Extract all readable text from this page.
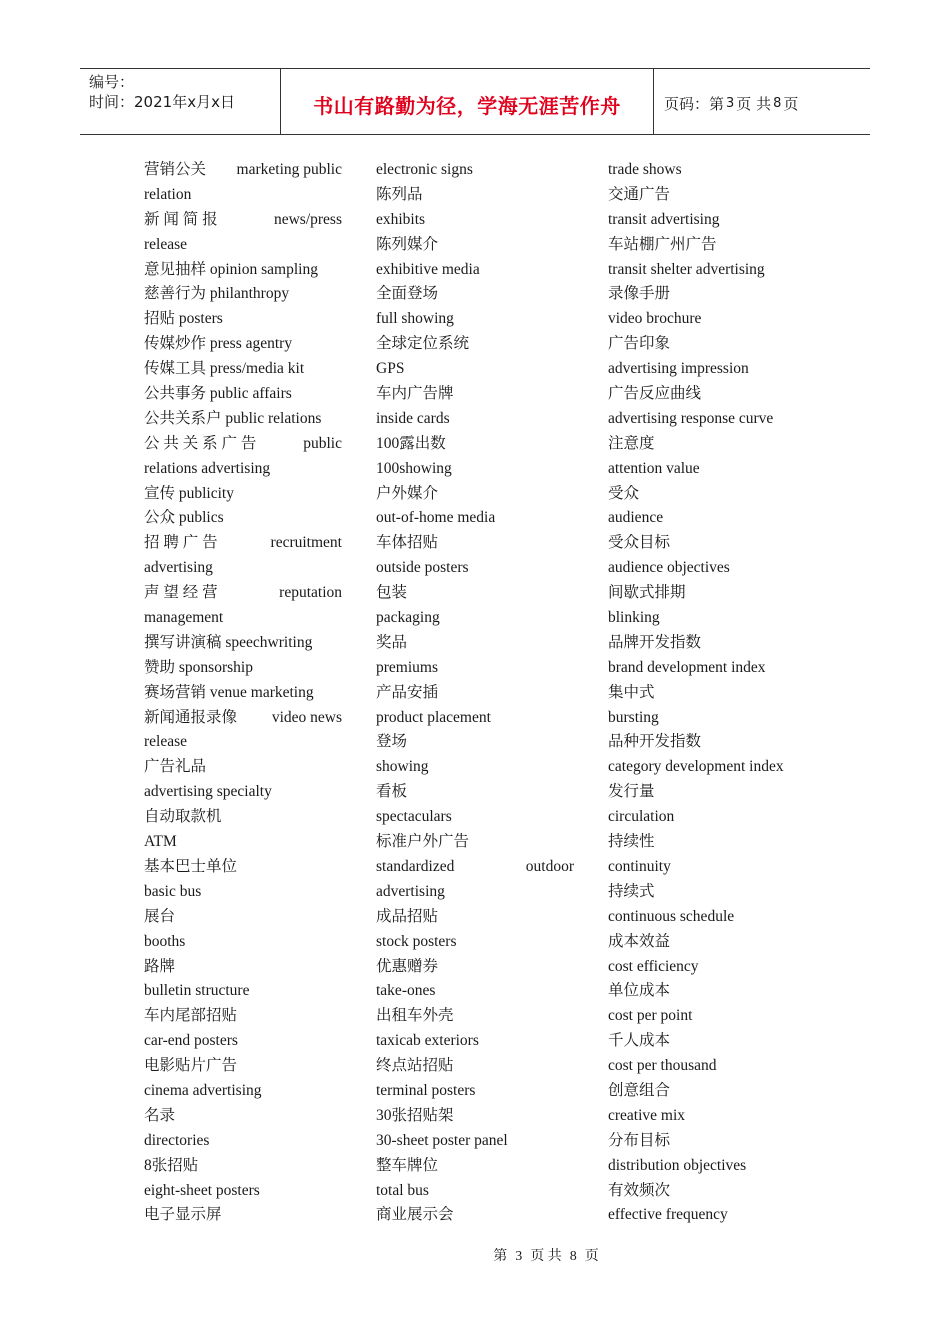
编号：
时间：2021年x月x日	书山有路勤为径，学海无涯苦作舟	页码：第 3 页 共 8 页
营销公关 marketing public
relation
新 闻 简 报	news/press
release
意见抽样 opinion sampling
慈善行为 philanthropy
招贴 posters
传媒炒作 press agentry
传媒工具 press/media kit
公共事务 public affairs
公共关系户 public relations
公 共 关 系 广 告	public
relations advertising
宣传 publicity
公众 publics
招 聘 广 告	recruitment
advertising
声 望 经 营	reputation
management
撰写讲演稿 speechwriting
赞助 sponsorship
赛场营销 venue marketing
新闻通报录像 video news
release
广告礼品
advertising specialty
自动取款机
ATM
基本巴士单位
basic bus
展台
booths
路牌
bulletin structure
车内尾部招贴
car-end posters
电影贴片广告
cinema advertising
名录
directories
8张招贴
eight-sheet posters
电子显示屏
electronic signs
陈列品
exhibits
陈列媒介
exhibitive media
全面登场
full showing
全球定位系统
GPS
车内广告牌
inside cards
100露出数
100showing
户外媒介
out-of-home media
车体招贴
outside posters
包装
packaging
奖品
premiums
产品安插
product placement
登场
showing
看板
spectaculars
标准户外广告
standardized	outdoor
advertising
成品招贴
stock posters
优惠赠券
take-ones
出租车外壳
taxicab exteriors
终点站招贴
terminal posters
30张招贴架
30-sheet poster panel
整车牌位
total bus
商业展示会
trade shows
交通广告
transit advertising
车站棚广州广告
transit shelter advertising
录像手册
video brochure
广告印象
advertising impression
广告反应曲线
advertising response curve
注意度
attention value
受众
audience
受众目标
audience objectives
间歇式排期
blinking
品牌开发指数
brand development index
集中式
bursting
品种开发指数
category development index
发行量
circulation
持续性
continuity
持续式
continuous schedule
成本效益
cost efficiency
单位成本
cost per point
千人成本
cost per thousand
创意组合
creative mix
分布目标
distribution objectives
有效频次
effective frequency
第 3 页 共 8 页
